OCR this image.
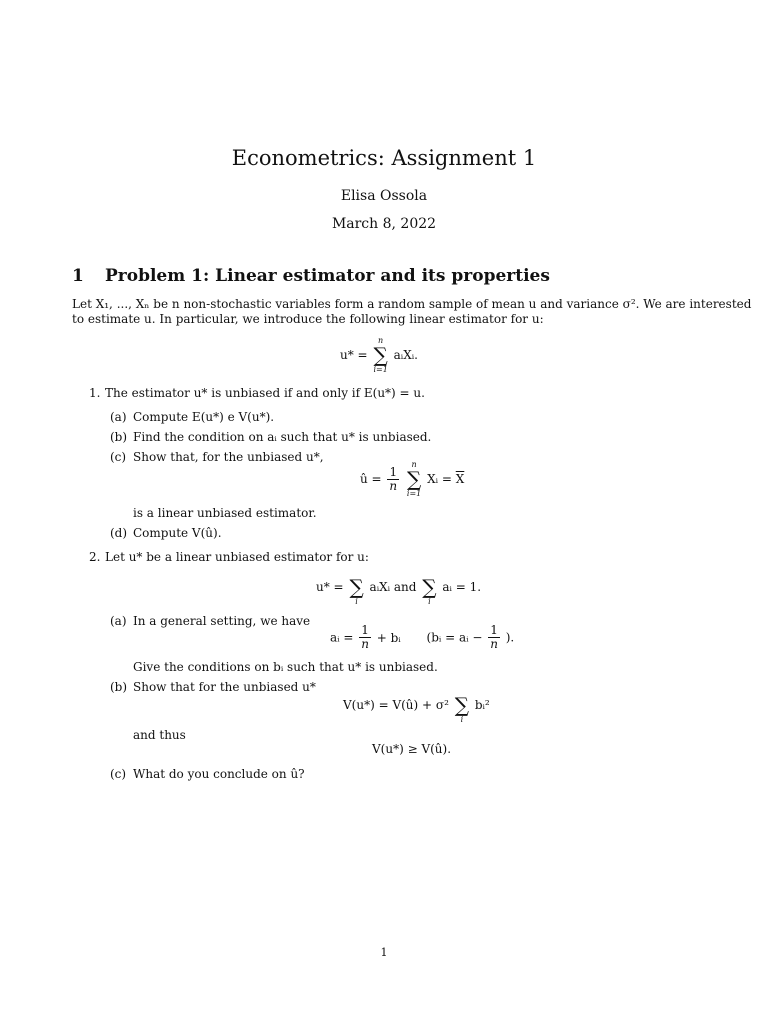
Econometrics: Assignment 1
Elisa Ossola
March 8, 2022
1 Problem 1: Linear estimator and its properties
Let X₁, ..., Xₙ be n non-stochastic variables form a random sample of mean u and variance σ². We are interested
to estimate u. In particular, we introduce the following linear estimator for u:
u* =
n
∑
i=1
aᵢXᵢ.
1. The estimator u* is unbiased if and only if E(u*) = u.
(a) Compute E(u*) e V(u*).
(b) Find the condition on aᵢ such that u* is unbiased.
(c) Show that, for the unbiased u*,
û = $\frac{1}{n}$

n
∑
i=1
Xᵢ = $\overline{X}$
is a linear unbiased estimator.
(d) Compute V(û).
2. Let u* be a linear unbiased estimator for u:
u* = ∑
i
aᵢXᵢ and ∑
i
aᵢ = 1.
(a) In a general setting, we have
aᵢ = $\frac{1}{n}$ + bᵢ (bᵢ = aᵢ − $\frac{1}{n}$ ).
Give the conditions on bᵢ such that u* is unbiased.
(b) Show that for the unbiased u*
V(u*) = V(û) + σ² ∑
i
bᵢ²
and thus
V(u*) ≥ V(û).
(c) What do you conclude on û?
1
